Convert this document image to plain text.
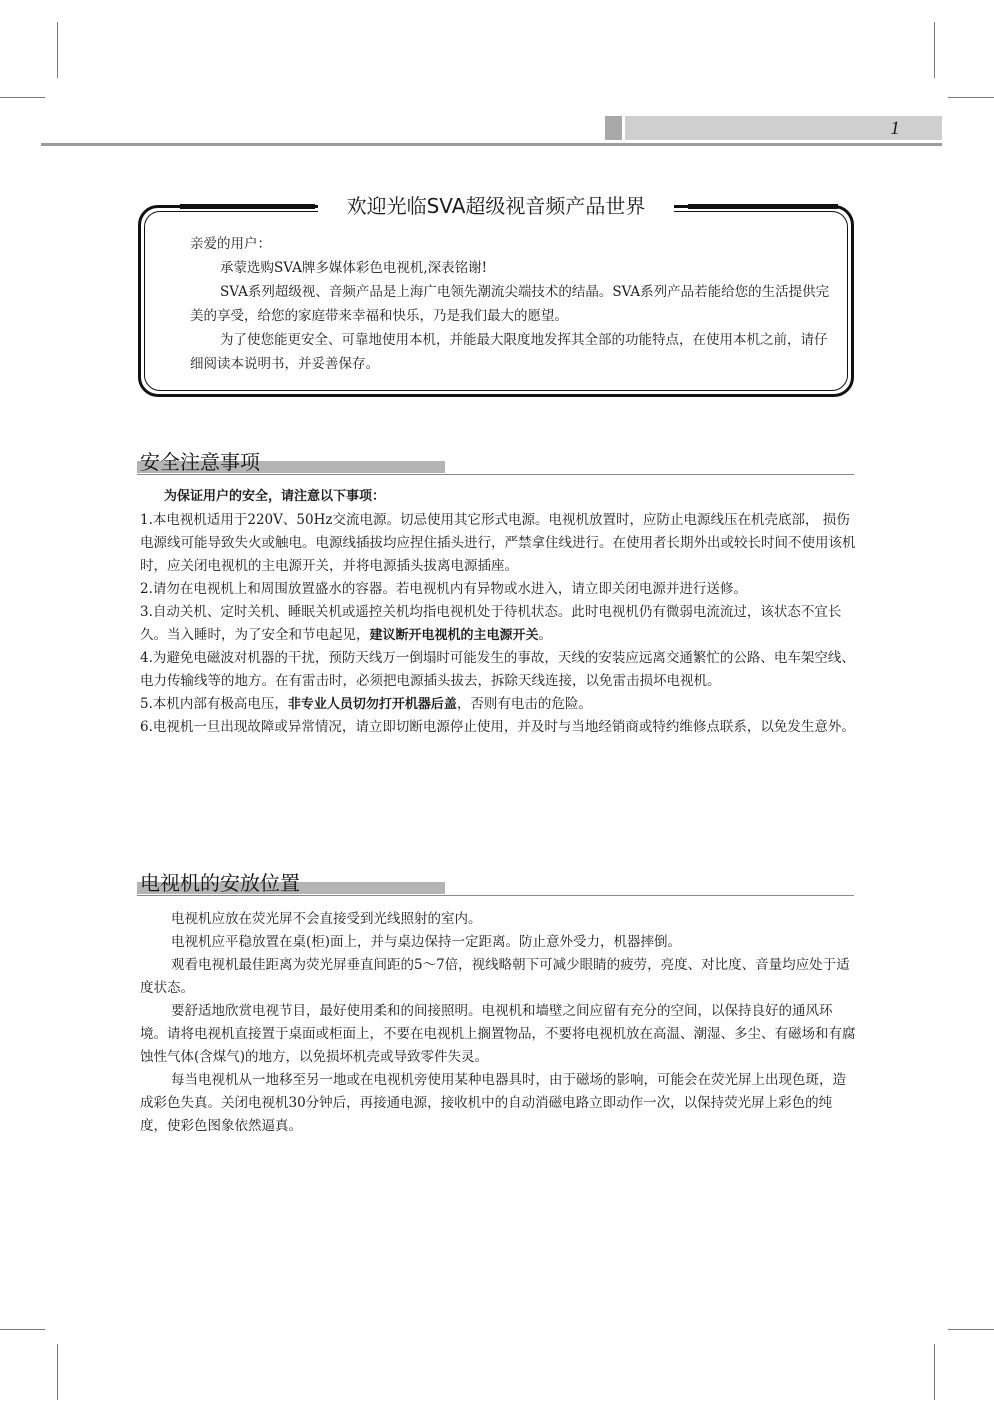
1
欢迎光临SVA超级视音频产品世界

亲爱的用户：

承蒙选购SVA牌多媒体彩色电视机,深表铭谢!

SVA系列超级视、音频产品是上海广电领先潮流尖端技术的结晶。SVA系列产品若能给您的生活提供完美的享受，给您的家庭带来幸福和快乐，乃是我们最大的愿望。

为了使您能更安全、可靠地使用本机，并能最大限度地发挥其全部的功能特点，在使用本机之前，请仔细阅读本说明书，并妥善保存。

安全注意事项

为保证用户的安全，请注意以下事项：

1.本电视机适用于220V、50Hz交流电源。切忌使用其它形式电源。电视机放置时，应防止电源线压在机壳底部， 损伤电源线可能导致失火或触电。电源线插拔均应捏住插头进行，严禁拿住线进行。在使用者长期外出或较长时间不使用该机时，应关闭电视机的主电源开关，并将电源插头拔离电源插座。

2.请勿在电视机上和周围放置盛水的容器。若电视机内有异物或水进入，请立即关闭电源并进行送修。

3.自动关机、定时关机、睡眠关机或遥控关机均指电视机处于待机状态。此时电视机仍有微弱电流流过，该状态不宜长久。当入睡时，为了安全和节电起见，建议断开电视机的主电源开关。

4.为避免电磁波对机器的干扰，预防天线万一倒塌时可能发生的事故，天线的安装应远离交通繁忙的公路、电车架空线、电力传输线等的地方。在有雷击时，必须把电源插头拔去，拆除天线连接，以免雷击损坏电视机。

5.本机内部有极高电压，非专业人员切勿打开机器后盖，否则有电击的危险。

6.电视机一旦出现故障或异常情况，请立即切断电源停止使用，并及时与当地经销商或特约维修点联系，以免发生意外。

电视机的安放位置

电视机应放在荧光屏不会直接受到光线照射的室内。

电视机应平稳放置在桌(柜)面上，并与桌边保持一定距离。防止意外受力，机器摔倒。

观看电视机最佳距离为荧光屏垂直间距的5～7倍，视线略朝下可减少眼睛的疲劳，亮度、对比度、音量均应处于适度状态。

要舒适地欣赏电视节目，最好使用柔和的间接照明。电视机和墙壁之间应留有充分的空间，以保持良好的通风环境。请将电视机直接置于桌面或柜面上，不要在电视机上搁置物品，不要将电视机放在高温、潮湿、多尘、有磁场和有腐蚀性气体(含煤气)的地方，以免损坏机壳或导致零件失灵。

每当电视机从一地移至另一地或在电视机旁使用某种电器具时，由于磁场的影响，可能会在荧光屏上出现色斑，造成彩色失真。关闭电视机30分钟后，再接通电源，接收机中的自动消磁电路立即动作一次，以保持荧光屏上彩色的纯度，使彩色图象依然逼真。
